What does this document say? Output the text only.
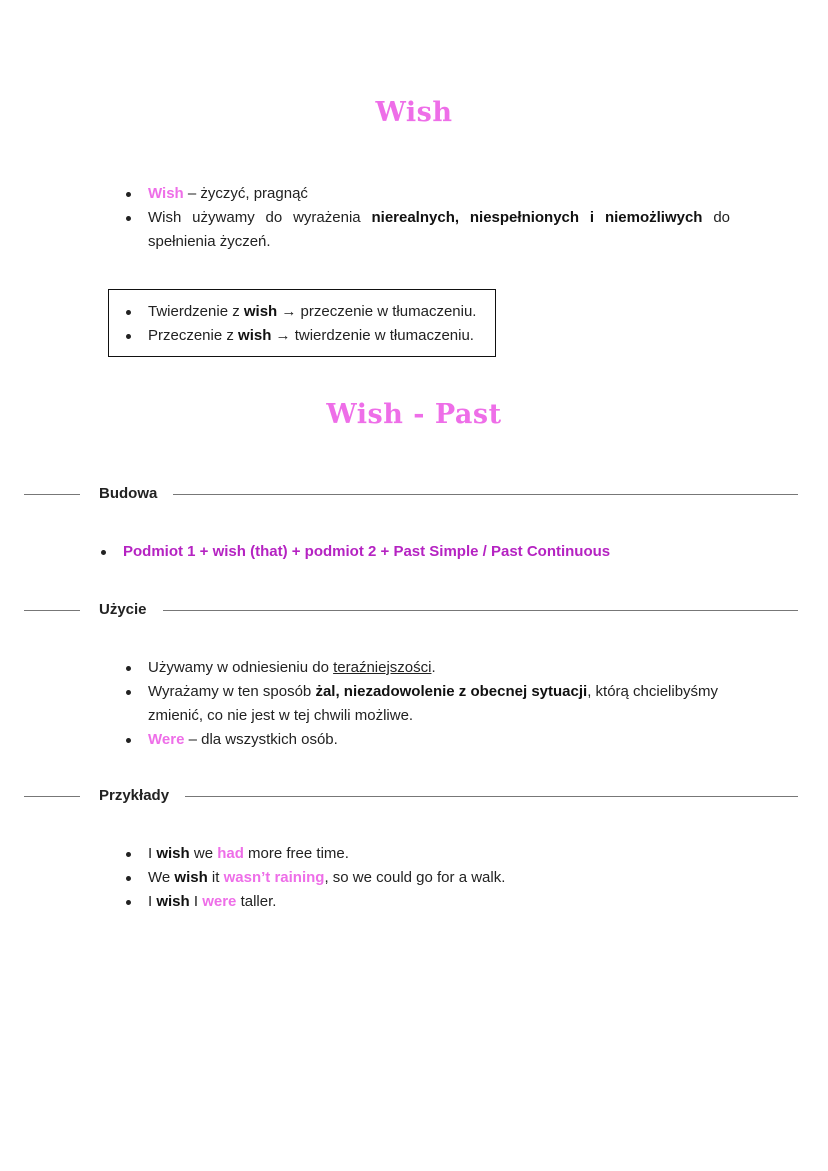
Wish
Wish – życzyć, pragnąć
Wish używamy do wyrażenia nierealnych, niespełnionych i niemożliwych do spełnienia życzeń.
Twierdzenie z wish → przeczenie w tłumaczeniu.
Przeczenie z wish → twierdzenie w tłumaczeniu.
Wish - Past
Budowa
Podmiot 1 + wish (that) + podmiot 2 + Past Simple / Past Continuous
Użycie
Używamy w odniesieniu do teraźniejszości.
Wyrażamy w ten sposób żal, niezadowolenie z obecnej sytuacji, którą chcielibyśmy zmienić, co nie jest w tej chwili możliwe.
Were – dla wszystkich osób.
Przykłady
I wish we had more free time.
We wish it wasn’t raining, so we could go for a walk.
I wish I were taller.
